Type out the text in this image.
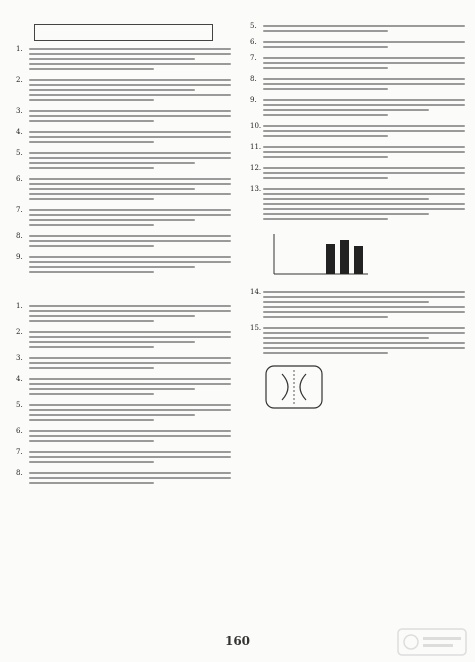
1.
2.
3.
4.
5.
6.
7.
8.
9.
1.
2.
3.
4.
5.
6.
7.
8.
5.
6.
7.
8.
9.
10.
11.
12.
13.
14.
15.
160
